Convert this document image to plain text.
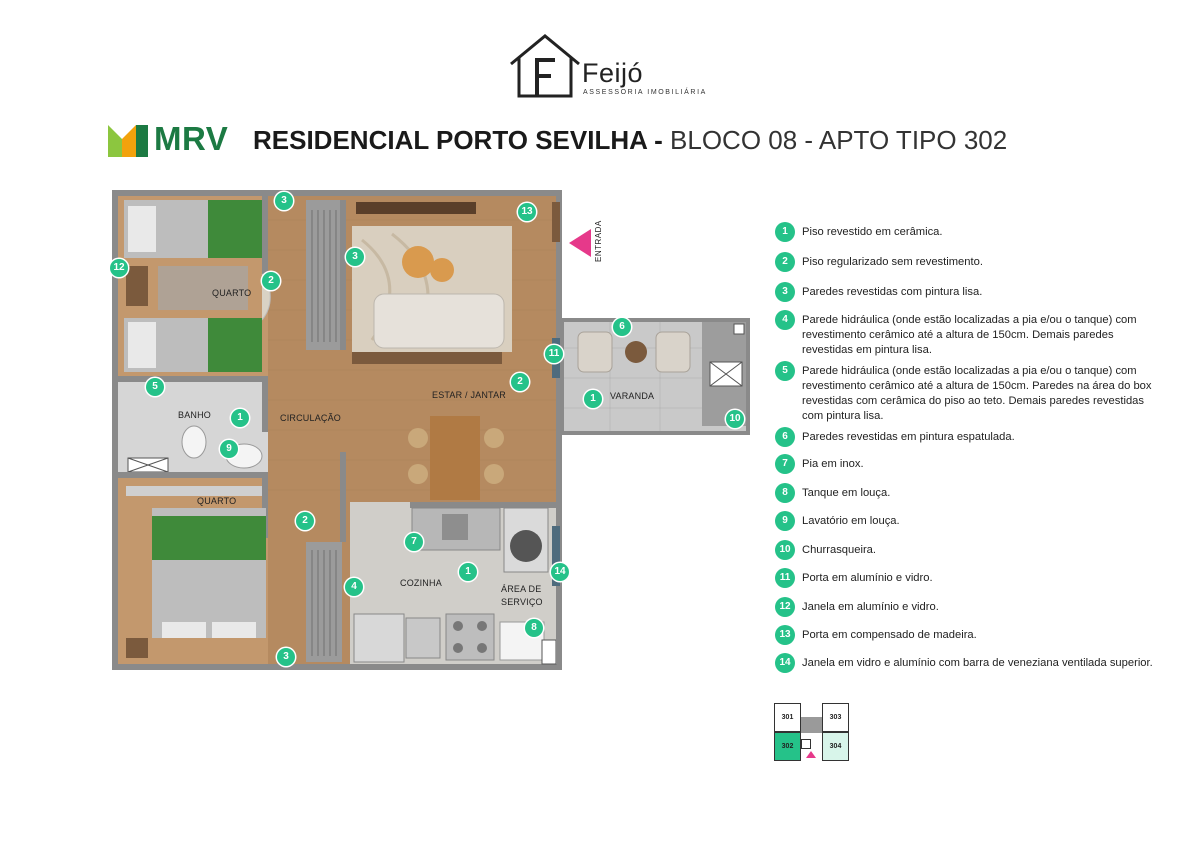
Feijó
ASSESSORIA IMOBILIÁRIA
MRV RESIDENCIAL PORTO SEVILHA - BLOCO 08 - APTO TIPO 302
QUARTO
BANHO	CIRCULAÇÃO
ESTAR / JANTAR
QUARTO
COZINHA
ÁREA DE
SERVIÇO
VARANDA
ENTRADA
3
13
3
12
2
6
11
5	2
1
1	10
9
2
7
1	14
4
8
3
1	Piso revestido em cerâmica.
2	Piso regularizado sem revestimento.
3	Paredes revestidas com pintura lisa.
4	Parede hidráulica (onde estão localizadas a pia e/ou o tanque) com revestimento cerâmico até a altura de 150cm. Demais paredes revestidas em pintura lisa.
5	Parede hidráulica (onde estão localizadas a pia e/ou o tanque) com revestimento cerâmico até a altura de 150cm. Paredes na área do box revestidas com cerâmica do piso ao teto. Demais paredes revestidas com pintura lisa.
6	Paredes revestidas em pintura espatulada.
7	Pia em inox.
8	Tanque em louça.
9	Lavatório em louça.
10	Churrasqueira.
11	Porta em alumínio e vidro.
12	Janela em alumínio e vidro.
13	Porta em compensado de madeira.
14	Janela em vidro e alumínio com barra de veneziana ventilada superior.
301	303
302	304
